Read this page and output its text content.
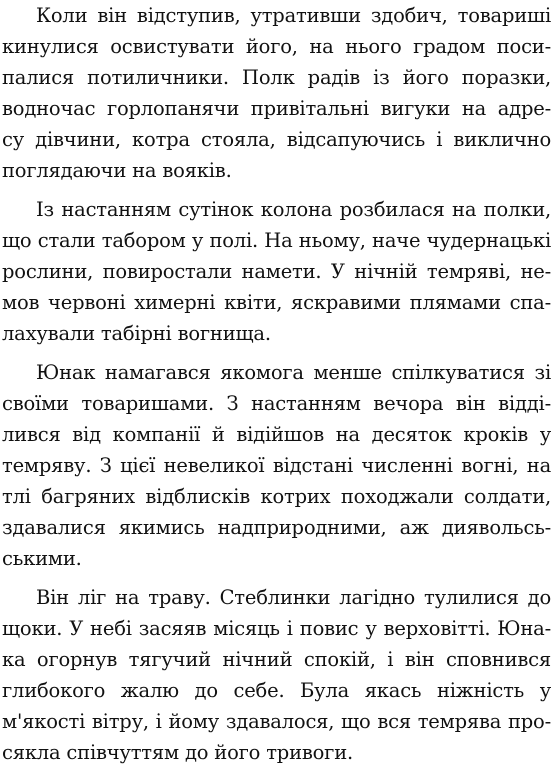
Коли він відступив, утративши здобич, товариші
кинулися освистувати його, на нього градом поси-
палися потиличники. Полк радів із його поразки,
водночас горлопанячи привітальні вигуки на адре-
су дівчини, котра стояла, відсапуючись і виклично
поглядаючи на вояків.
Із настанням сутінок колона розбилася на полки,
що стали табором у полі. На ньому, наче чудернацькі
рослини, повиростали намети. У нічній темряві, не-
мов червоні химерні квіти, яскравими плямами спа-
лахували табірні вогнища.
Юнак намагався якомога менше спілкуватися зі
своїми товаришами. З настанням вечора він відді-
лився від компанії й відійшов на десяток кроків у
темряву. З цієї невеликої відстані численні вогні, на
тлі багряних відблисків котрих походжали солдати,
здавалися якимись надприродними, аж диявольсь-
ськими.
Він ліг на траву. Стеблинки лагідно тулилися до
щоки. У небі засяяв місяць і повис у верховітті. Юна-
ка огорнув тягучий нічний спокій, і він сповнився
глибокого жалю до себе. Була якась ніжність у
м'якості вітру, і йому здавалося, що вся темрява про-
сякла співчуттям до його тривоги.
